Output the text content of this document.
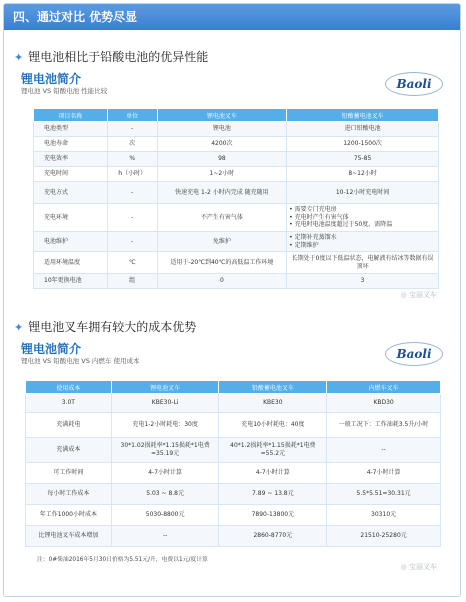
四、通过对比 优势尽显
✦ 锂电池相比于铅酸电池的优异性能
锂电池简介
锂电池 VS 铅酸电池 性能比较	Baoli
项目名称	单位	锂电池叉车	铅酸蓄电池叉车
电池类型	-	锂电池	进口铅酸电池
电池寿命	次	4200次	1200-1500次
充电效率	%	98	75-85
充电时间	h（小时）	1~2小时	8~12小时
充电方式	-	快速充电 1-2 小时内完成 随充随用	10-12小时充电时间
充电环境	-	不产生有害气体	• 需要专门充电房
• 充电时产生有害气体
• 充电时电池温度超过于50度，需降温

电池维护	-	免维护	• 定期补充蒸馏水
• 定期维护

适用环境温度	℃	适用于-20℃到40℃的高低温工作环境	长期处于0度以下低温状态，电解液有结冰等数据有误顶坏
10年更换电池	组	0	3
◎ 宝丽叉车
✦ 锂电池叉车拥有较大的成本优势
锂电池简介
锂电池 VS 铅酸电池 VS 内燃车 使用成本	Baoli
使用成本	锂电池叉车	铅酸蓄电池叉车	内燃车叉车
3.0T	KBE30-Li	KBE30	KBD30
充满耗电	充电1-2小时耗电：30度	充电10小时耗电：40度	一般工况下：工作油耗3.5升/小时
充满成本	30*1.02损耗率*1.15损耗*1电费=35.19元	40*1.2损耗率*1.15损耗*1电费=55.2元	--
可工作时间	4-7小时计算	4-7小时计算	4-7小时计算
每小时工作成本	5.03 ~ 8.8元	7.89 ~ 13.8元	5.5*5.51=30.31元
年工作1000小时成本	5030-8800元	7890-13800元	30310元
比锂电池叉车成本增加	--	2860-8770元	21510-25280元
注：0#柴油2016年5月30日价格为5.51元/升，电费以1元/度计算
◎ 宝丽叉车
